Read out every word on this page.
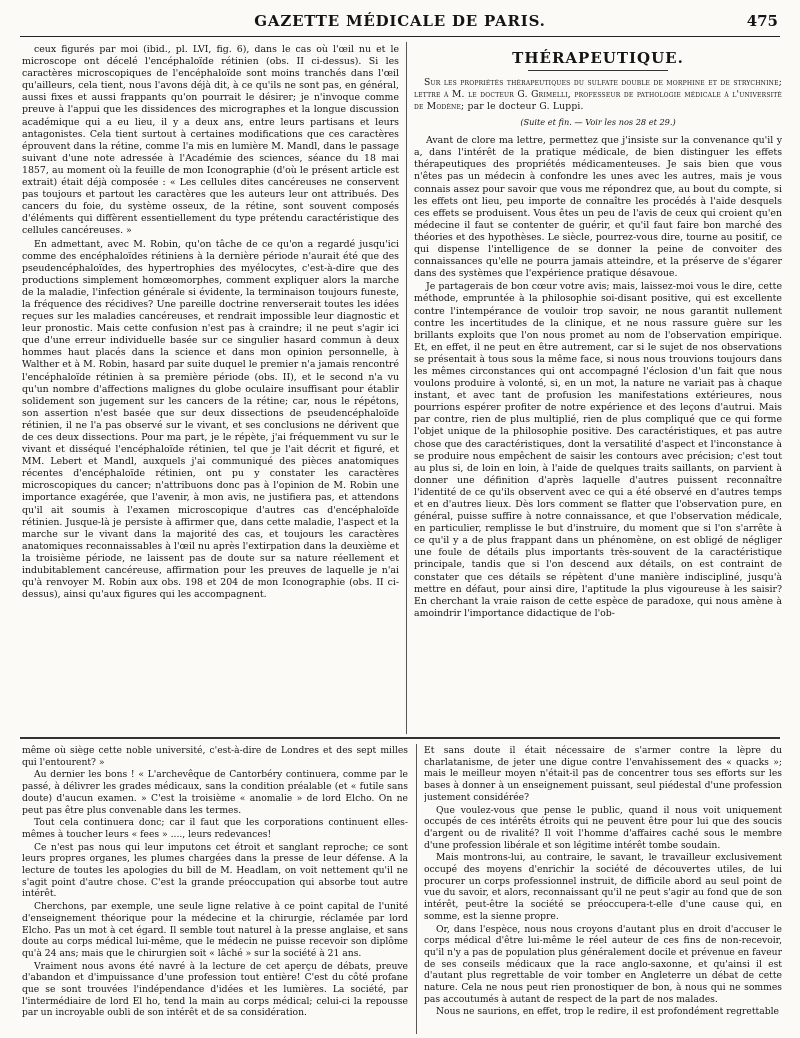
GAZETTE MÉDICALE DE PARIS.	475

ceux figurés par moi (ibid., pl. LVI, fig. 6), dans le cas où l'œil nu et le microscope ont décelé l'encéphaloïde rétinien (obs. II ci-dessus). Si les caractères microscopiques de l'encéphaloïde sont moins tranchés dans l'œil qu'ailleurs, cela tient, nous l'avons déjà dit, à ce qu'ils ne sont pas, en général, aussi fixes et aussi frappants qu'on pourrait le désirer; je n'invoque comme preuve à l'appui que les dissidences des micrographes et la longue discussion académique qui a eu lieu, il y a deux ans, entre leurs partisans et leurs antagonistes. Cela tient surtout à certaines modifications que ces caractères éprouvent dans la rétine, comme l'a mis en lumière M. Mandl, dans le passage suivant d'une note adressée à l'Académie des sciences, séance du 18 mai 1857, au moment où la feuille de mon Iconographie (d'où le présent article est extrait) était déjà composée : « Les cellules dites cancéreuses ne conservent pas toujours et partout les caractères que les auteurs leur ont attribués. Des cancers du foie, du système osseux, de la rétine, sont souvent composés d'éléments qui diffèrent essentiellement du type prétendu caractéristique des cellules cancéreuses. »

En admettant, avec M. Robin, qu'on tâche de ce qu'on a regardé jusqu'ici comme des encéphaloïdes rétiniens à la dernière période n'aurait été que des pseudencéphaloïdes, des hypertrophies des myélocytes, c'est-à-dire que des productions simplement homœomorphes, comment expliquer alors la marche de la maladie, l'infection générale si évidente, la terminaison toujours funeste, la fréquence des récidives? Une pareille doctrine renverserait toutes les idées reçues sur les maladies cancéreuses, et rendrait impossible leur diagnostic et leur pronostic. Mais cette confusion n'est pas à craindre; il ne peut s'agir ici que d'une erreur individuelle basée sur ce singulier hasard commun à deux hommes haut placés dans la science et dans mon opinion personnelle, à Walther et à M. Robin, hasard par suite duquel le premier n'a jamais rencontré l'encéphaloïde rétinien à sa première période (obs. II), et le second n'a vu qu'un nombre d'affections malignes du globe oculaire insuffisant pour établir solidement son jugement sur les cancers de la rétine; car, nous le répétons, son assertion n'est basée que sur deux dissections de pseudencéphaloïde rétinien, il ne l'a pas observé sur le vivant, et ses conclusions ne dérivent que de ces deux dissections. Pour ma part, je le répète, j'ai fréquemment vu sur le vivant et disséqué l'encéphaloïde rétinien, tel que je l'ait décrit et figuré, et MM. Lebert et Mandl, auxquels j'ai communiqué des pièces anatomiques récentes d'encéphaloïde rétinien, ont pu y constater les caractères microscopiques du cancer; n'attribuons donc pas à l'opinion de M. Robin une importance exagérée, que l'avenir, à mon avis, ne justifiera pas, et attendons qu'il ait soumis à l'examen microscopique d'autres cas d'encéphaloïde rétinien. Jusque-là je persiste à affirmer que, dans cette maladie, l'aspect et la marche sur le vivant dans la majorité des cas, et toujours les caractères anatomiques reconnaissables à l'œil nu après l'extirpation dans la deuxième et la troisième période, ne laissent pas de doute sur sa nature réellement et indubitablement cancéreuse, affirmation pour les preuves de laquelle je n'ai qu'à renvoyer M. Robin aux obs. 198 et 204 de mon Iconographie (obs. II ci-dessus), ainsi qu'aux figures qui les accompagnent.

THÉRAPEUTIQUE.
Sur les propriétés thérapeutiques du sulfate double de morphine et de strychnine; lettre à M. le docteur G. Grimelli, professeur de pathologie médicale à l'université de Modène; par le docteur G. Luppi.
(Suite et fin. — Voir les nos 28 et 29.)

Avant de clore ma lettre, permettez que j'insiste sur la convenance qu'il y a, dans l'intérêt de la pratique médicale, de bien distinguer les effets thérapeutiques des propriétés médicamenteuses. Je sais bien que vous n'êtes pas un médecin à confondre les unes avec les autres, mais je vous connais assez pour savoir que vous me répondrez que, au bout du compte, si les effets ont lieu, peu importe de connaître les procédés à l'aide desquels ces effets se produisent. Vous êtes un peu de l'avis de ceux qui croient qu'en médecine il faut se contenter de guérir, et qu'il faut faire bon marché des théories et des hypothèses. Le siècle, pourrez-vous dire, tourne au positif, ce qui dispense l'intelligence de se donner la peine de convoiter des connaissances qu'elle ne pourra jamais atteindre, et la préserve de s'égarer dans des systèmes que l'expérience pratique désavoue.

Je partagerais de bon cœur votre avis; mais, laissez-moi vous le dire, cette méthode, empruntée à la philosophie soi-disant positive, qui est excellente contre l'intempérance de vouloir trop savoir, ne nous garantit nullement contre les incertitudes de la clinique, et ne nous rassure guère sur les brillants exploits que l'on nous promet au nom de l'observation empirique. Et, en effet, il ne peut en être autrement, car si le sujet de nos observations se présentait à tous sous la même face, si nous nous trouvions toujours dans les mêmes circonstances qui ont accompagné l'éclosion d'un fait que nous voulons produire à volonté, si, en un mot, la nature ne variait pas à chaque instant, et avec tant de profusion les manifestations extérieures, nous pourrions espérer profiter de notre expérience et des leçons d'autrui. Mais par contre, rien de plus multiplié, rien de plus compliqué que ce qui forme l'objet unique de la philosophie positive. Des caractéristiques, et pas autre chose que des caractéristiques, dont la versatilité d'aspect et l'inconstance à se produire nous empêchent de saisir les contours avec précision; c'est tout au plus si, de loin en loin, à l'aide de quelques traits saillants, on parvient à donner une définition d'après laquelle d'autres puissent reconnaître l'identité de ce qu'ils observent avec ce qui a été observé en d'autres temps et en d'autres lieux. Dès lors comment se flatter que l'observation pure, en général, puisse suffire à notre connaissance, et que l'observation médicale, en particulier, remplisse le but d'instruire, du moment que si l'on s'arrête à ce qu'il y a de plus frappant dans un phénomène, on est obligé de négliger une foule de détails plus importants très-souvent de la caractéristique principale, tandis que si l'on descend aux détails, on est contraint de constater que ces détails se répètent d'une manière indiscipliné, jusqu'à mettre en défaut, pour ainsi dire, l'aptitude la plus vigoureuse à les saisir? En cherchant la vraie raison de cette espèce de paradoxe, qui nous amène à amoindrir l'importance didactique de l'ob-

même où siège cette noble université, c'est-à-dire de Londres et des sept milles qui l'entourent? »

Au dernier les bons ! « L'archevêque de Cantorbéry continuera, comme par le passé, à délivrer les grades médicaux, sans la condition préalable (et « futile sans doute) d'aucun examen. » C'est la troisième « anomalie » de lord Elcho. On ne peut pas être plus convenable dans les termes.

Tout cela continuera donc; car il faut que les corporations continuent elles-mêmes à toucher leurs « fees » ...., leurs redevances!

Ce n'est pas nous qui leur imputons cet étroit et sanglant reproche; ce sont leurs propres organes, les plumes chargées dans la presse de leur défense. A la lecture de toutes les apologies du bill de M. Headlam, on voit nettement qu'il ne s'agit point d'autre chose. C'est la grande préoccupation qui absorbe tout autre intérêt.

Cherchons, par exemple, une seule ligne relative à ce point capital de l'unité d'enseignement théorique pour la médecine et la chirurgie, réclamée par lord Elcho. Pas un mot à cet égard. Il semble tout naturel à la presse anglaise, et sans doute au corps médical lui-même, que le médecin ne puisse recevoir son diplôme qu'à 24 ans; mais que le chirurgien soit « lâché » sur la société à 21 ans.

Vraiment nous avons été navré à la lecture de cet aperçu de débats, preuve d'abandon et d'impuissance d'une profession tout entière! C'est du côté profane que se sont trouvées l'indépendance d'idées et les lumières. La société, par l'intermédiaire de lord El ho, tend la main au corps médical; celui-ci la repousse par un incroyable oubli de son intérêt et de sa considération.

Et sans doute il était nécessaire de s'armer contre la lèpre du charlatanisme, de jeter une digue contre l'envahissement des « quacks »; mais le meilleur moyen n'était-il pas de concentrer tous ses efforts sur les bases à donner à un enseignement puissant, seul piédestal d'une profession justement considérée?

Que voulez-vous que pense le public, quand il nous voit uniquement occupés de ces intérêts étroits qui ne peuvent être pour lui que des soucis d'argent ou de rivalité? Il voit l'homme d'affaires caché sous le membre d'une profession libérale et son légitime intérêt tombe soudain.

Mais montrons-lui, au contraire, le savant, le travailleur exclusivement occupé des moyens d'enrichir la société de découvertes utiles, de lui procurer un corps professionnel instruit, de difficile abord au seul point de vue du savoir, et alors, reconnaissant qu'il ne peut s'agir au fond que de son intérêt, peut-être la société se préoccupera-t-elle d'une cause qui, en somme, est la sienne propre.

Or, dans l'espèce, nous nous croyons d'autant plus en droit d'accuser le corps médical d'être lui-même le réel auteur de ces fins de non-recevoir, qu'il n'y a pas de population plus généralement docile et prévenue en faveur de ses conseils médicaux que la race anglo-saxonne, et qu'ainsi il est d'autant plus regrettable de voir tomber en Angleterre un débat de cette nature. Cela ne nous peut rien pronostiquer de bon, à nous qui ne sommes pas accoutumés à autant de respect de la part de nos malades.

Nous ne saurions, en effet, trop le redire, il est profondément regrettable
